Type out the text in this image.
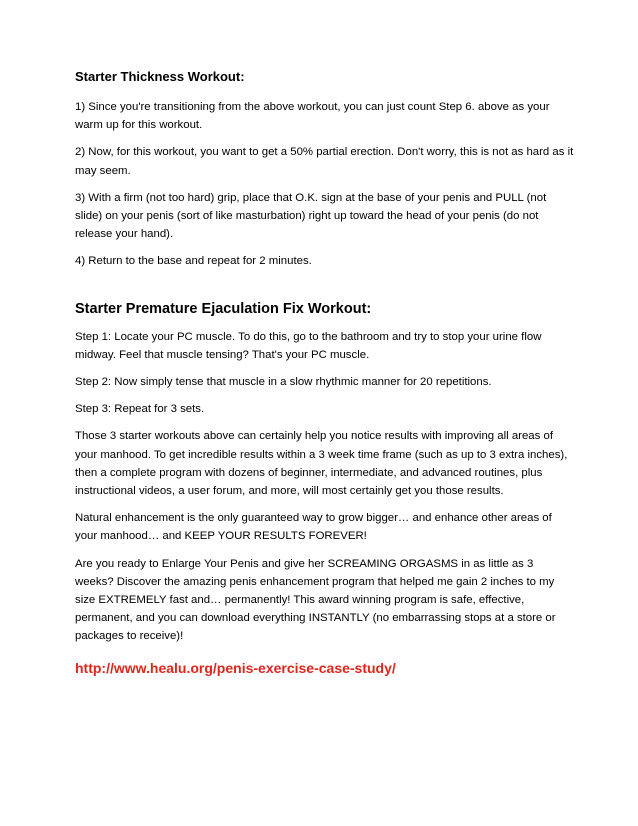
Starter Thickness Workout:
1) Since you're transitioning from the above workout, you can just count Step 6. above as your warm up for this workout.
2) Now, for this workout, you want to get a 50% partial erection. Don't worry, this is not as hard as it may seem.
3) With a firm (not too hard) grip, place that O.K. sign at the base of your penis and PULL (not slide) on your penis (sort of like masturbation) right up toward the head of your penis (do not release your hand).
4) Return to the base and repeat for 2 minutes.
Starter Premature Ejaculation Fix Workout:
Step 1: Locate your PC muscle. To do this, go to the bathroom and try to stop your urine flow midway. Feel that muscle tensing? That's your PC muscle.
Step 2: Now simply tense that muscle in a slow rhythmic manner for 20 repetitions.
Step 3: Repeat for 3 sets.
Those 3 starter workouts above can certainly help you notice results with improving all areas of your manhood. To get incredible results within a 3 week time frame (such as up to 3 extra inches), then a complete program with dozens of beginner, intermediate, and advanced routines, plus instructional videos, a user forum, and more, will most certainly get you those results.
Natural enhancement is the only guaranteed way to grow bigger… and enhance other areas of your manhood… and KEEP YOUR RESULTS FOREVER!
Are you ready to Enlarge Your Penis and give her SCREAMING ORGASMS in as little as 3 weeks? Discover the amazing penis enhancement program that helped me gain 2 inches to my size EXTREMELY fast and… permanently! This award winning program is safe, effective, permanent, and you can download everything INSTANTLY (no embarrassing stops at a store or packages to receive)!
http://www.healu.org/penis-exercise-case-study/
